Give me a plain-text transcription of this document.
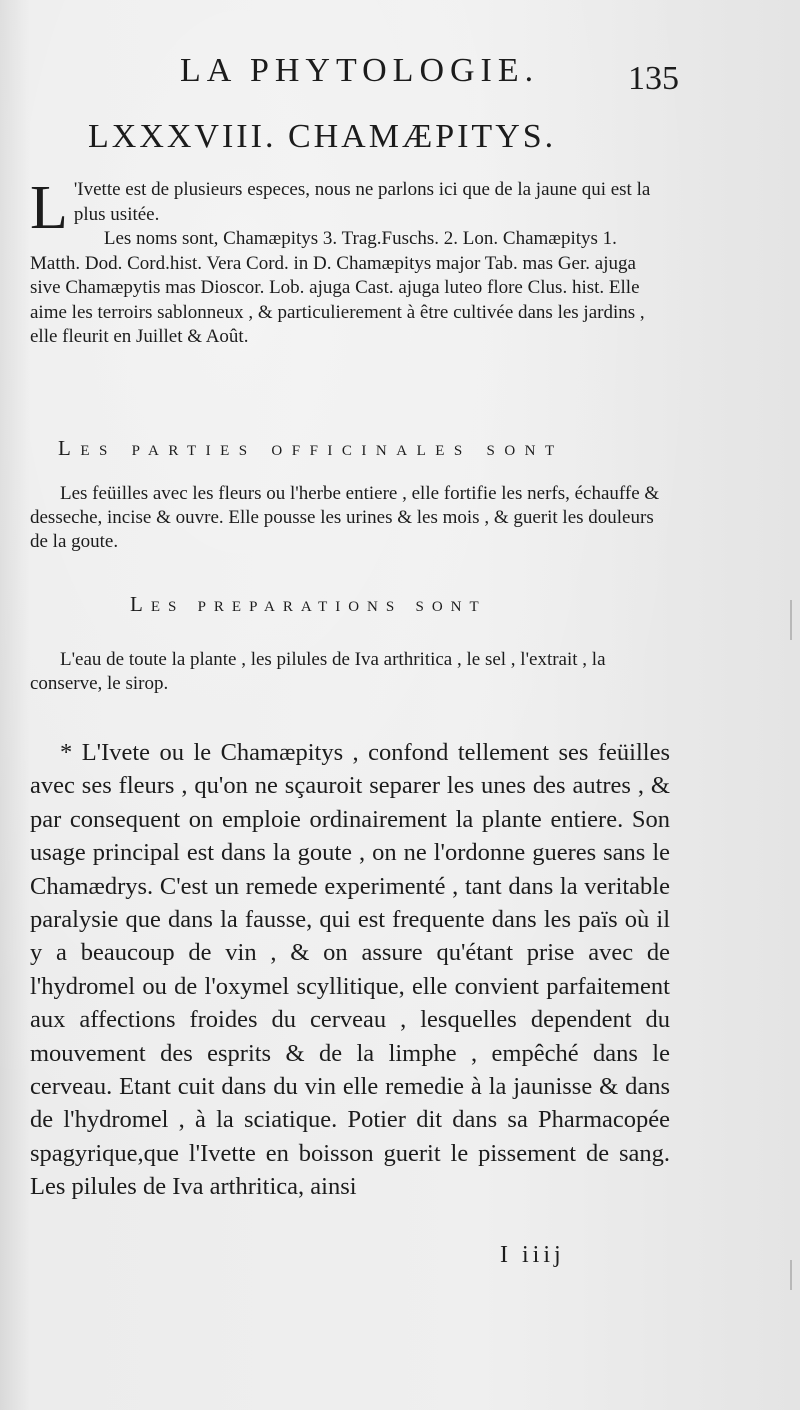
LA PHYTOLOGIE.	135
LXXXVIII. CHAMÆPITYS.
L 'Ivette est de plusieurs especes, nous ne parlons ici que de la jaune qui est la plus usitée.

Les noms sont, Chamæpitys 3. Trag.Fuschs. 2. Lon. Chamæpitys 1. Matth. Dod. Cord.hist. Vera Cord. in D. Chamæpitys major Tab. mas Ger. ajuga sive Chamæpytis mas Dioscor. Lob. ajuga Cast. ajuga luteo flore Clus. hist. Elle aime les terroirs sablonneux , & particulierement à être cultivée dans les jardins , elle fleurit en Juillet & Août.

Les parties officinales sont

Les feüilles avec les fleurs ou l'herbe entiere , elle fortifie les nerfs, échauffe & desseche, incise & ouvre. Elle pousse les urines & les mois , & guerit les douleurs de la goute.

Les preparations sont

L'eau de toute la plante , les pilules de Iva arthritica , le sel , l'extrait , la conserve, le sirop.

* L'Ivete ou le Chamæpitys , confond tellement ses feüilles avec ses fleurs , qu'on ne sçauroit separer les unes des autres , & par consequent on emploie ordinairement la plante entiere. Son usage principal est dans la goute , on ne l'ordonne gueres sans le Chamædrys. C'est un remede experimenté , tant dans la veritable paralysie que dans la fausse, qui est frequente dans les païs où il y a beaucoup de vin , & on assure qu'étant prise avec de l'hydromel ou de l'oxymel scyllitique, elle convient parfaitement aux affections froides du cerveau , lesquelles dependent du mouvement des esprits & de la limphe , empêché dans le cerveau. Etant cuit dans du vin elle remedie à la jaunisse & dans de l'hydromel , à la sciatique. Potier dit dans sa Pharmacopée spagyrique,que l'Ivette en boisson guerit le pissement de sang. Les pilules de Iva arthritica, ainsi

I iiij
